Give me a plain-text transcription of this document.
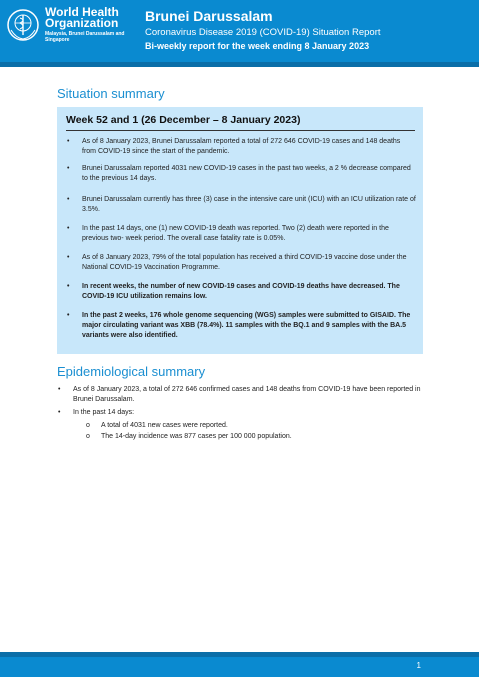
World Health Organization
Malaysia, Brunei Darussalam and Singapore
Brunei Darussalam
Coronavirus Disease 2019 (COVID-19) Situation Report
Bi-weekly report for the week ending 8 January 2023
Situation summary
Week 52 and 1 (26 December – 8 January 2023)
• As of 8 January 2023, Brunei Darussalam reported a total of 272 646 COVID-19 cases and 148 deaths from COVID-19 since the start of the pandemic.
• Brunei Darussalam reported 4031 new COVID-19 cases in the past two weeks, a 2 % decrease compared to the previous 14 days.
• Brunei Darussalam currently has three (3) case in the intensive care unit (ICU) with an ICU utilization rate of 3.5%.
• In the past 14 days, one (1) new COVID-19 death was reported. Two (2) death were reported in the previous two- week period. The overall case fatality rate is 0.05%.
• As of 8 January 2023, 79% of the total population has received a third COVID-19 vaccine dose under the National COVID-19 Vaccination Programme.
• In recent weeks, the number of new COVID-19 cases and COVID-19 deaths have decreased. The COVID-19 ICU utilization remains low.
• In the past 2 weeks, 176 whole genome sequencing (WGS) samples were submitted to GISAID. The major circulating variant was XBB (78.4%). 11 samples with the BQ.1 and 9 samples with the BA.5 variants were also identified.
Epidemiological summary
• As of 8 January 2023, a total of 272 646 confirmed cases and 148 deaths from COVID-19 have been reported in Brunei Darussalam.
• In the past 14 days:
o A total of 4031 new cases were reported.
o The 14-day incidence was 877 cases per 100 000 population.
1
